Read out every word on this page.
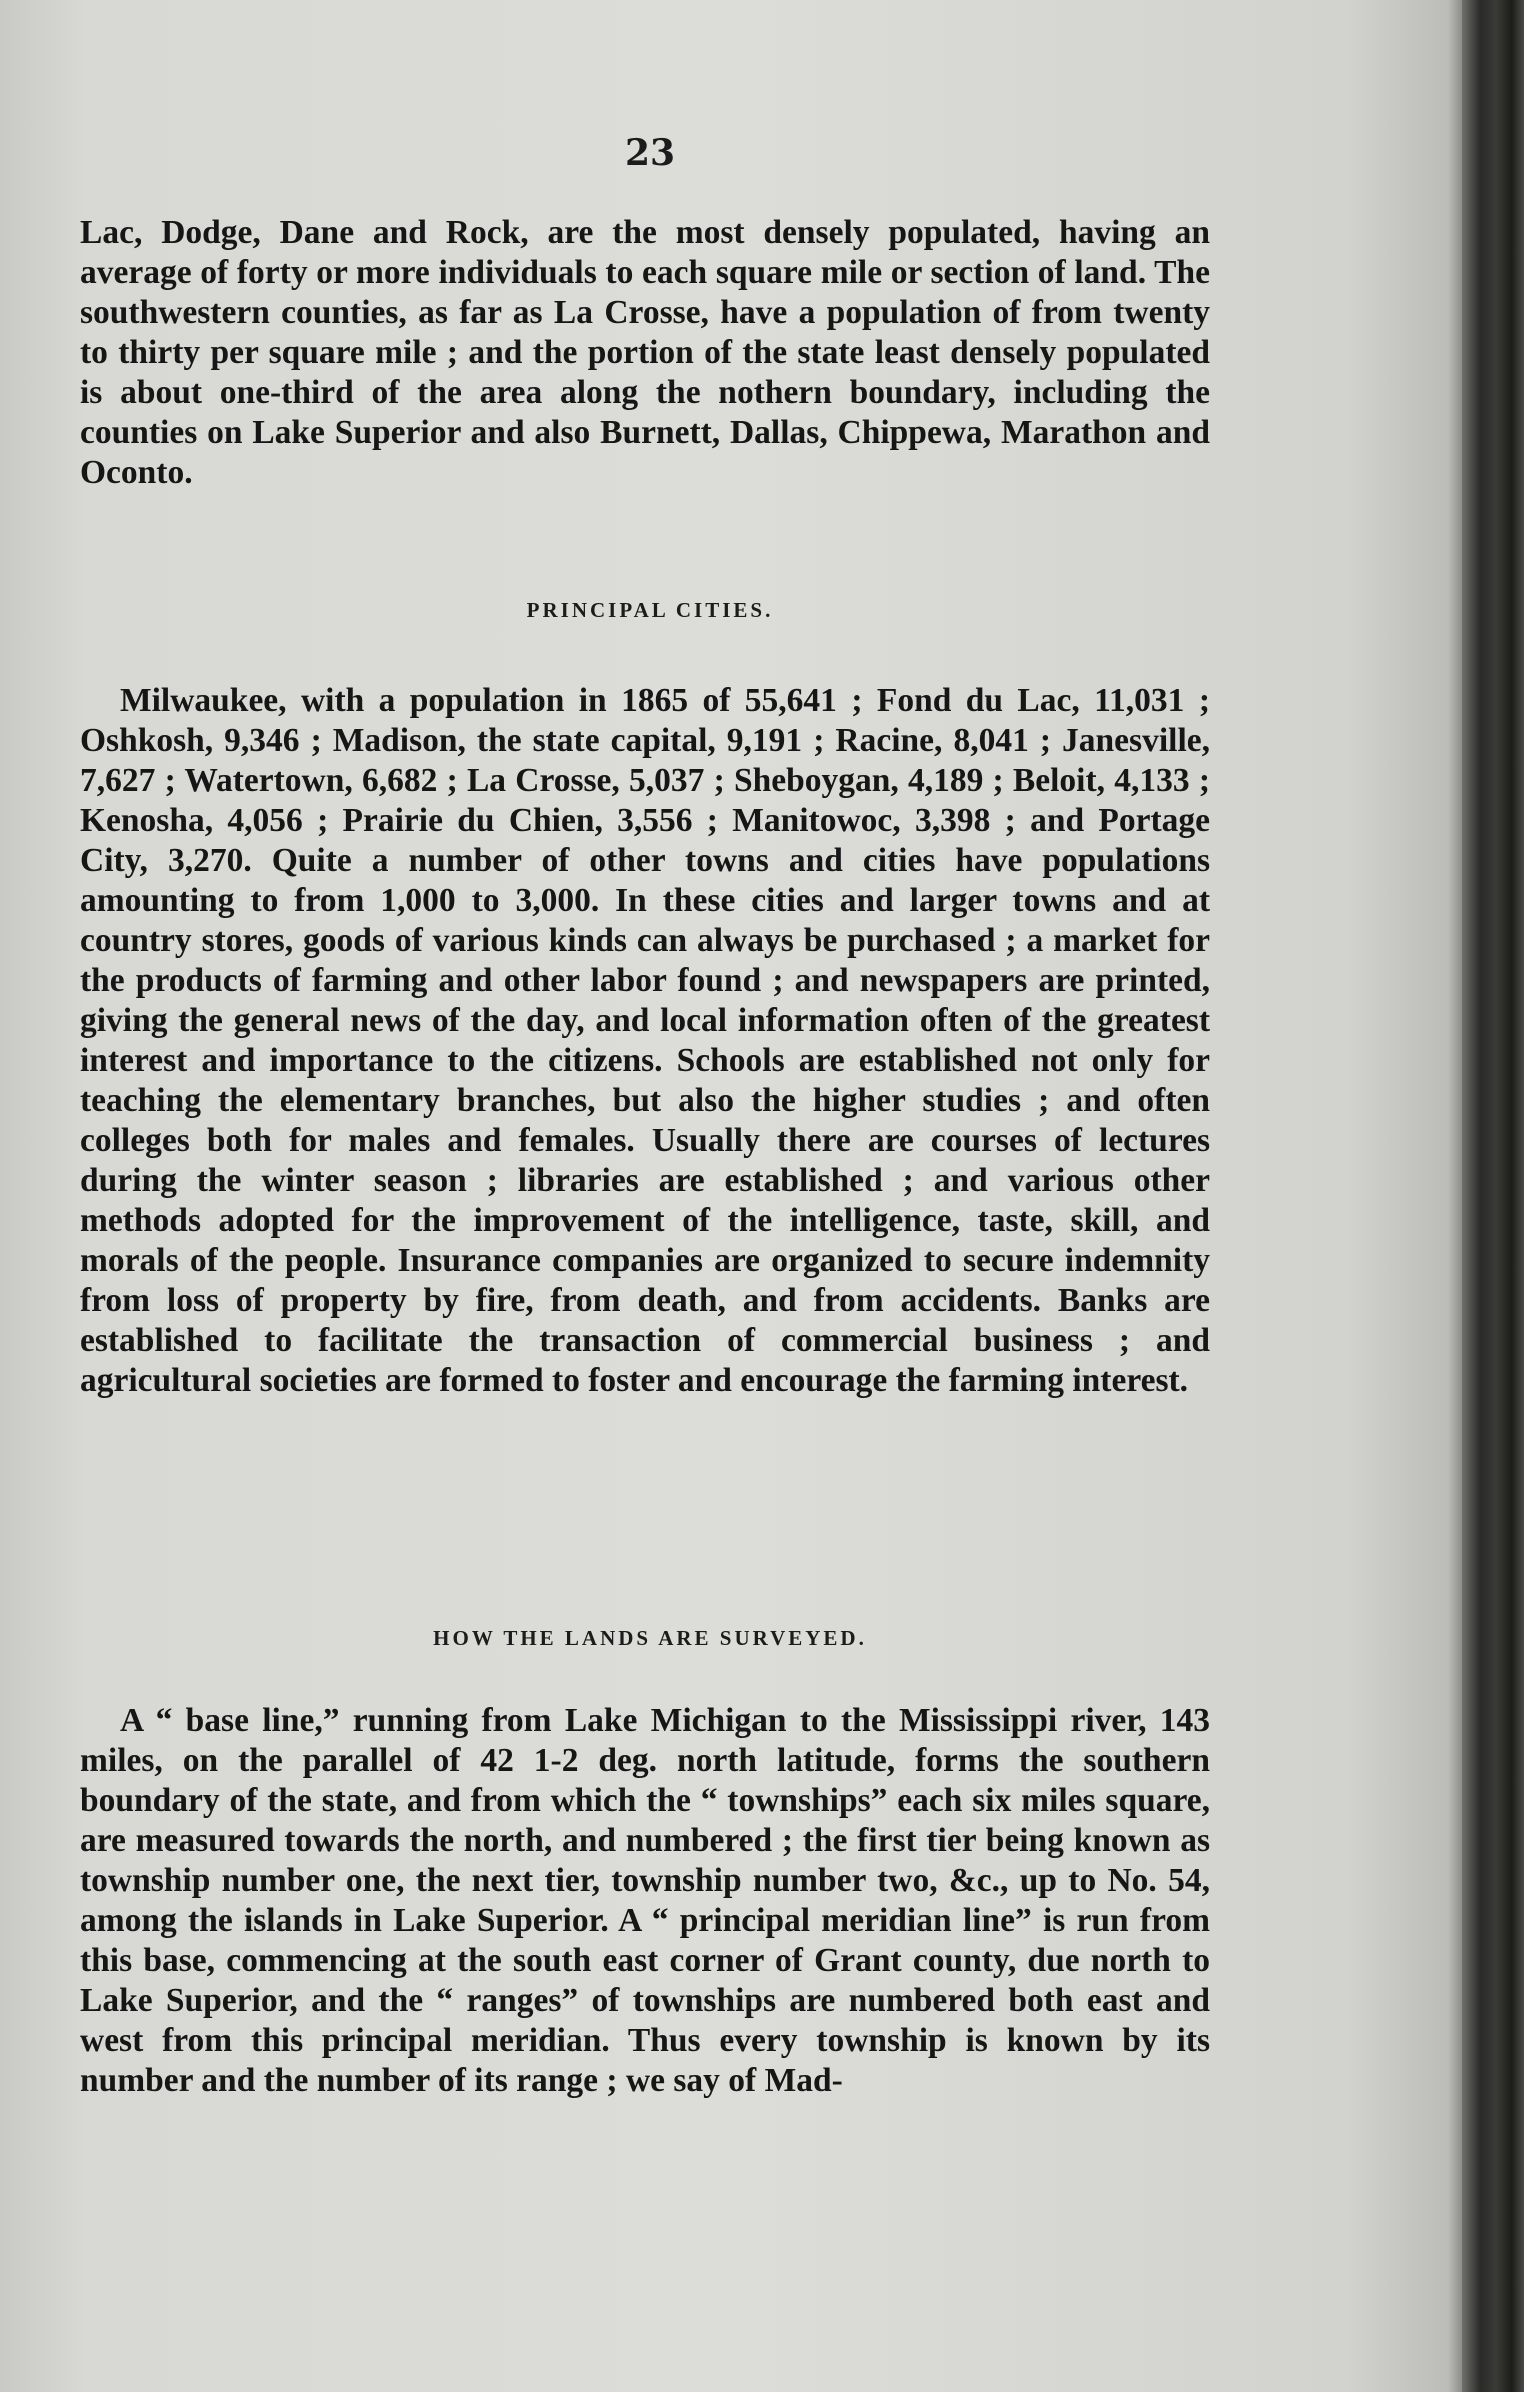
23

Lac, Dodge, Dane and Rock, are the most densely populated, having an average of forty or more individuals to each square mile or section of land. The southwestern counties, as far as La Crosse, have a population of from twenty to thirty per square mile ; and the portion of the state least densely populated is about one-third of the area along the nothern boundary, including the counties on Lake Superior and also Burnett, Dallas, Chippewa, Marathon and Oconto.

PRINCIPAL CITIES.

Milwaukee, with a population in 1865 of 55,641 ; Fond du Lac, 11,031 ; Oshkosh, 9,346 ; Madison, the state capital, 9,191 ; Racine, 8,041 ; Janesville, 7,627 ; Watertown, 6,682 ; La Crosse, 5,037 ; Sheboygan, 4,189 ; Beloit, 4,133 ; Kenosha, 4,056 ; Prairie du Chien, 3,556 ; Manitowoc, 3,398 ; and Portage City, 3,270. Quite a number of other towns and cities have populations amounting to from 1,000 to 3,000. In these cities and larger towns and at country stores, goods of various kinds can always be purchased ; a market for the products of farming and other labor found ; and newspapers are printed, giving the general news of the day, and local information often of the greatest interest and importance to the citizens. Schools are established not only for teaching the elementary branches, but also the higher studies ; and often colleges both for males and females. Usually there are courses of lectures during the winter season ; libraries are established ; and various other methods adopted for the improvement of the intelligence, taste, skill, and morals of the people. Insurance companies are organized to secure indemnity from loss of property by fire, from death, and from accidents. Banks are established to facilitate the transaction of commercial business ; and agricultural societies are formed to foster and encourage the farming interest.

HOW THE LANDS ARE SURVEYED.

A “ base line,” running from Lake Michigan to the Mississippi river, 143 miles, on the parallel of 42 1-2 deg. north latitude, forms the southern boundary of the state, and from which the “ townships” each six miles square, are measured towards the north, and numbered ; the first tier being known as township number one, the next tier, township number two, &c., up to No. 54, among the islands in Lake Superior. A “ principal meridian line” is run from this base, commencing at the south east corner of Grant county, due north to Lake Superior, and the “ ranges” of townships are numbered both east and west from this principal meridian. Thus every township is known by its number and the number of its range ; we say of Mad-
